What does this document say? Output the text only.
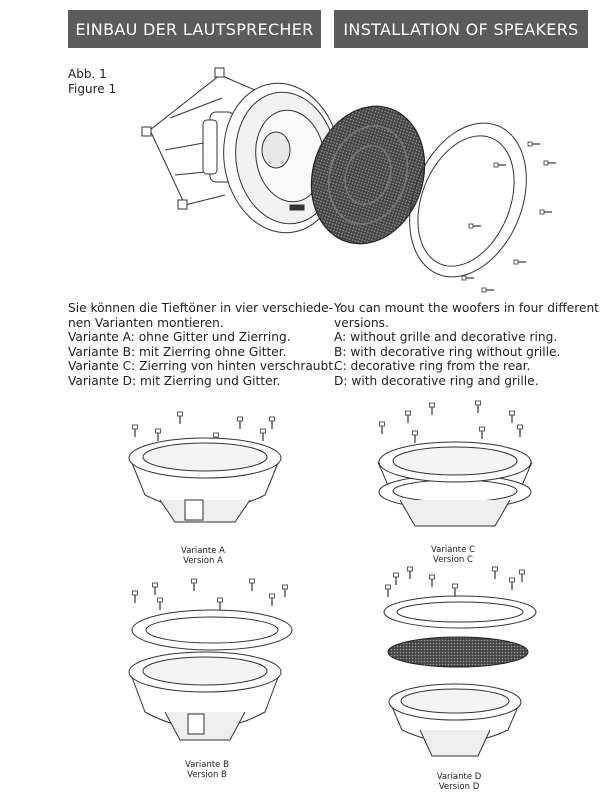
EINBAU DER LAUTSPRECHER	INSTALLATION OF SPEAKERS
Abb. 1
Figure 1
Sie können die Tieftöner in vier verschiede-
nen Varianten montieren.
Variante A: ohne Gitter und Zierring.
Variante B: mit Zierring ohne Gitter.
Variante C: Zierring von hinten verschraubt.
Variante D: mit Zierring und Gitter.
You can mount the woofers in four different
versions.
A: without grille and decorative ring.
B: with decorative ring without grille.
C: decorative ring from the rear.
D: with decorative ring and grille.
Variante A
Version A
Variante C
Version C
Variante B
Version B	Variante D
Version D
